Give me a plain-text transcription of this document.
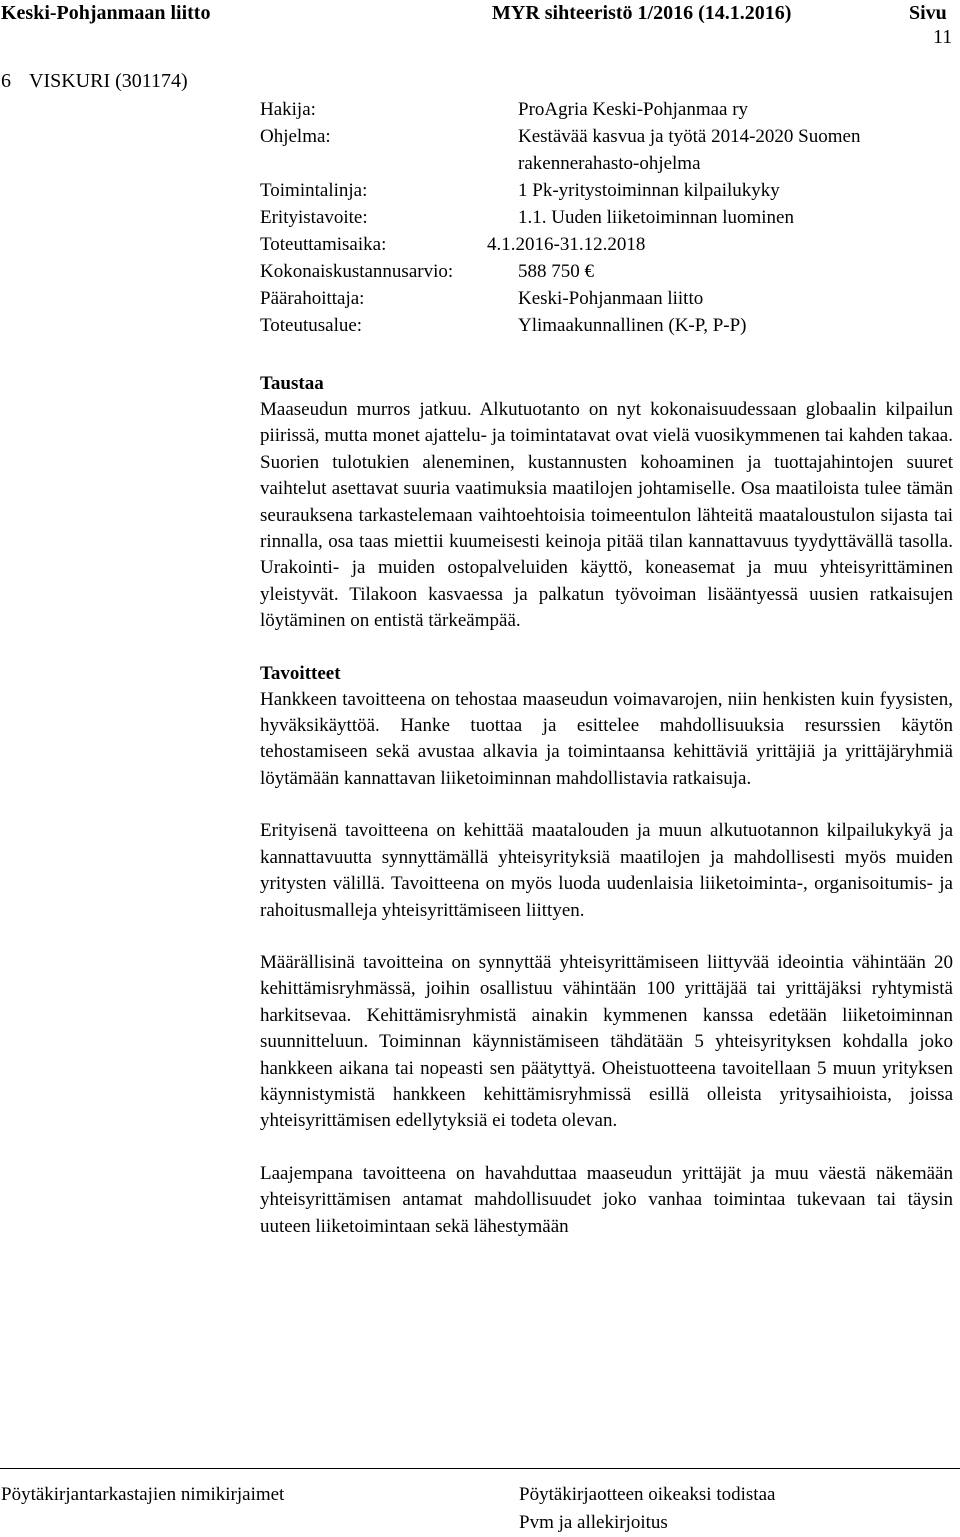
Keski-Pohjanmaan liitto	MYR sihteeristö 1/2016 (14.1.2016)	Sivu
11
6 VISKURI (301174)
Hakija:	ProAgria Keski-Pohjanmaa ry
Ohjelma:	Kestävää kasvua ja työtä 2014-2020 Suomen
rakennerahasto-ohjelma
Toimintalinja:	1 Pk-yritystoiminnan kilpailukyky
Erityistavoite:	1.1. Uuden liiketoiminnan luominen
Toteuttamisaika:	4.1.2016-31.12.2018
Kokonaiskustannusarvio:	588 750 €
Päärahoittaja:	Keski-Pohjanmaan liitto
Toteutusalue:	Ylimaakunnallinen (K-P, P-P)
Taustaa

Maaseudun murros jatkuu. Alkutuotanto on nyt kokonaisuudessaan globaalin kilpailun piirissä, mutta monet ajattelu- ja toimintatavat ovat vielä vuosikymmenen tai kahden takaa. Suorien tulotukien aleneminen, kustannusten kohoaminen ja tuottajahintojen suuret vaihtelut asettavat suuria vaatimuksia maatilojen johtamiselle. Osa maatiloista tulee tämän seurauksena tarkastelemaan vaihtoehtoisia toimeentulon lähteitä maataloustulon sijasta tai rinnalla, osa taas miettii kuumeisesti keinoja pitää tilan kannattavuus tyydyttävällä tasolla. Urakointi- ja muiden ostopalveluiden käyttö, koneasemat ja muu yhteisyrittäminen yleistyvät. Tilakoon kasvaessa ja palkatun työvoiman lisääntyessä uusien ratkaisujen löytäminen on entistä tärkeämpää.

Tavoitteet

Hankkeen tavoitteena on tehostaa maaseudun voimavarojen, niin henkisten kuin fyysisten, hyväksikäyttöä. Hanke tuottaa ja esittelee mahdollisuuksia resurssien käytön tehostamiseen sekä avustaa alkavia ja toimintaansa kehittäviä yrittäjiä ja yrittäjäryhmiä löytämään kannattavan liiketoiminnan mahdollistavia ratkaisuja.

Erityisenä tavoitteena on kehittää maatalouden ja muun alkutuotannon kilpailukykyä ja kannattavuutta synnyttämällä yhteisyrityksiä maatilojen ja mahdollisesti myös muiden yritysten välillä. Tavoitteena on myös luoda uudenlaisia liiketoiminta-, organisoitumis- ja rahoitusmalleja yhteisyrittämiseen liittyen.

Määrällisinä tavoitteina on synnyttää yhteisyrittämiseen liittyvää ideointia vähintään 20 kehittämisryhmässä, joihin osallistuu vähintään 100 yrittäjää tai yrittäjäksi ryhtymistä harkitsevaa. Kehittämisryhmistä ainakin kymmenen kanssa edetään liiketoiminnan suunnitteluun. Toiminnan käynnistämiseen tähdätään 5 yhteisyrityksen kohdalla joko hankkeen aikana tai nopeasti sen päätyttyä. Oheistuotteena tavoitellaan 5 muun yrityksen käynnistymistä hankkeen kehittämisryhmissä esillä olleista yritysaihioista, joissa yhteisyrittämisen edellytyksiä ei todeta olevan.

Laajempana tavoitteena on havahduttaa maaseudun yrittäjät ja muu väestä näkemään yhteisyrittämisen antamat mahdollisuudet joko vanhaa toimintaa tukevaan tai täysin uuteen liiketoimintaan sekä lähestymään

Pöytäkirjantarkastajien nimikirjaimet	Pöytäkirjaotteen oikeaksi todistaa
Pvm ja allekirjoitus
